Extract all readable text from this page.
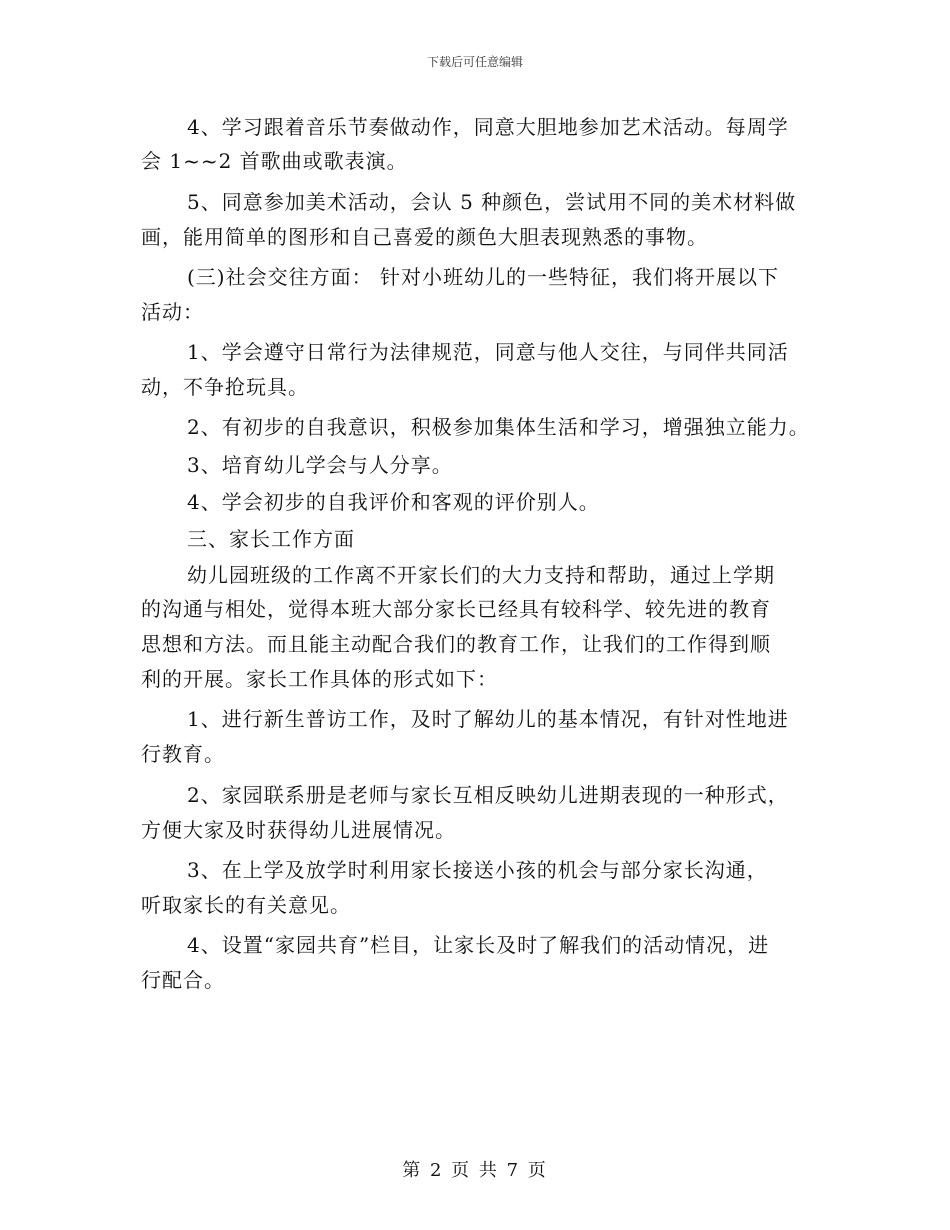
下载后可任意编辑
4、学习跟着音乐节奏做动作，同意大胆地参加艺术活动。每周学
会 1~~2 首歌曲或歌表演。
5、同意参加美术活动，会认 5 种颜色，尝试用不同的美术材料做
画，能用简单的图形和自己喜爱的颜色大胆表现熟悉的事物。
(三)社会交往方面： 针对小班幼儿的一些特征，我们将开展以下
活动：
1、学会遵守日常行为法律规范，同意与他人交往，与同伴共同活
动，不争抢玩具。
2、有初步的自我意识，积极参加集体生活和学习，增强独立能力。
3、培育幼儿学会与人分享。
4、学会初步的自我评价和客观的评价别人。
三、家长工作方面
幼儿园班级的工作离不开家长们的大力支持和帮助，通过上学期
的沟通与相处，觉得本班大部分家长已经具有较科学、较先进的教育
思想和方法。而且能主动配合我们的教育工作，让我们的工作得到顺
利的开展。家长工作具体的形式如下：
1、进行新生普访工作，及时了解幼儿的基本情况，有针对性地进
行教育。
2、家园联系册是老师与家长互相反映幼儿进期表现的一种形式，
方便大家及时获得幼儿进展情况。
3、在上学及放学时利用家长接送小孩的机会与部分家长沟通，
听取家长的有关意见。
4、设置“家园共育”栏目，让家长及时了解我们的活动情况，进
行配合。
第 2 页 共 7 页
